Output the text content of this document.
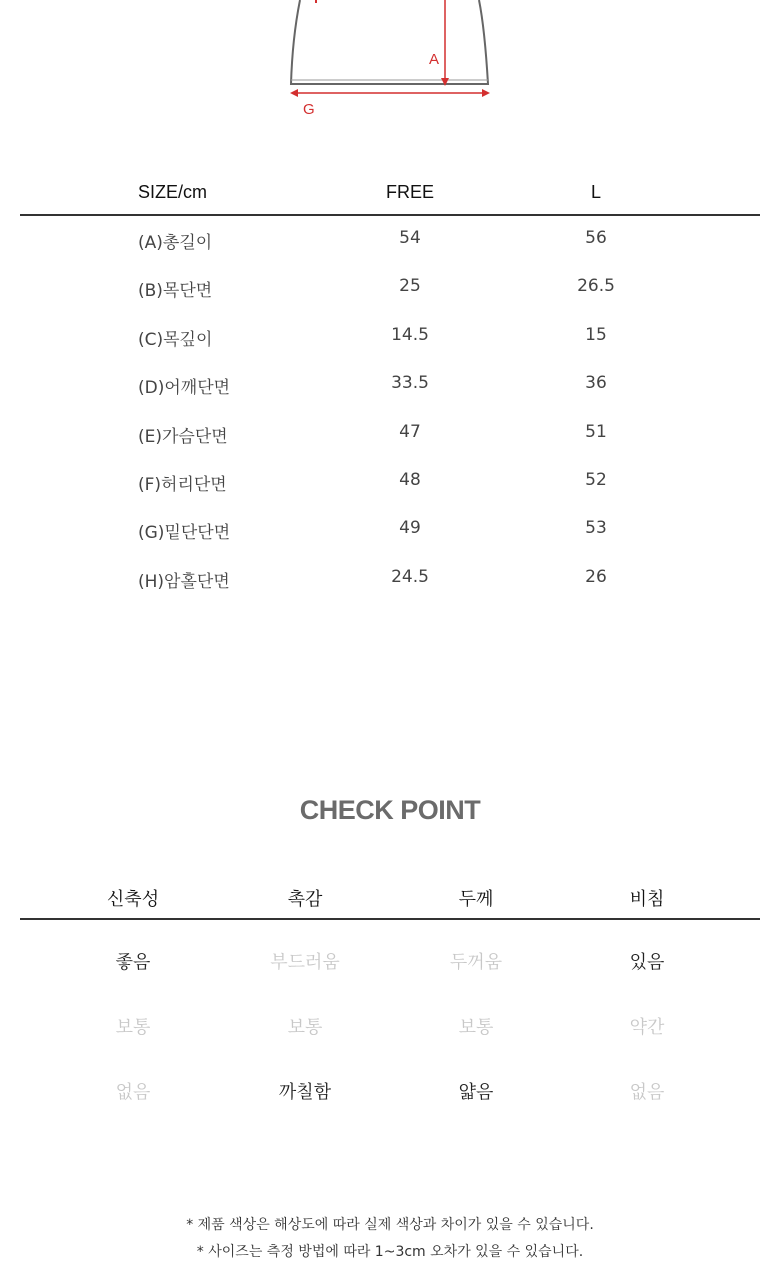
A
G
SIZE/cm	FREE	L
(A)총길이	54	56
(B)목단면	25	26.5
(C)목깊이	14.5	15
(D)어깨단면	33.5	36
(E)가슴단면	47	51
(F)허리단면	48	52
(G)밑단단면	49	53
(H)암홀단면	24.5	26
CHECK POINT
신축성	촉감	두께	비침
좋음	부드러움	두꺼움	있음
보통	보통	보통	약간
없음	까칠함	얇음	없음
* 제품 색상은 해상도에 따라 실제 색상과 차이가 있을 수 있습니다.
* 사이즈는 측정 방법에 따라 1~3cm 오차가 있을 수 있습니다.
